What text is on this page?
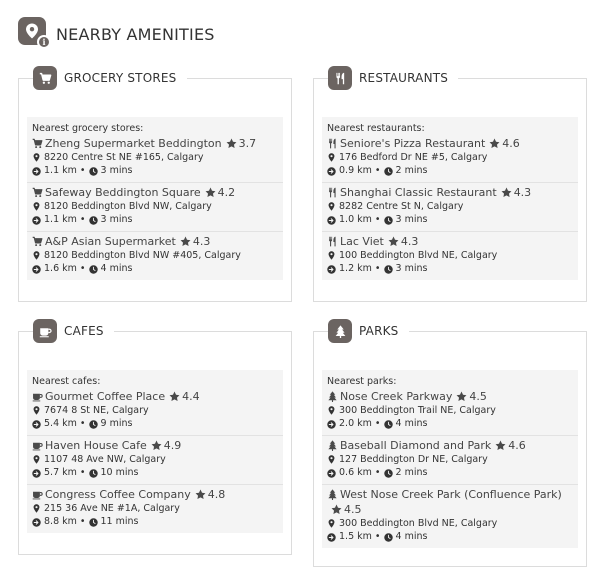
i NEARBY AMENITIES
GROCERY STORES
Nearest grocery stores:
Zheng Supermarket Beddington 3.7
8220 Centre St NE #165, Calgary
1.1 km • 3 mins
Safeway Beddington Square 4.2
8120 Beddington Blvd NW, Calgary
1.1 km • 3 mins
A&P Asian Supermarket 4.3
8120 Beddington Blvd NW #405, Calgary
1.6 km • 4 mins
RESTAURANTS
Nearest restaurants:
Seniore's Pizza Restaurant 4.6
176 Bedford Dr NE #5, Calgary
0.9 km • 2 mins
Shanghai Classic Restaurant 4.3
8282 Centre St N, Calgary
1.0 km • 3 mins
Lac Viet 4.3
100 Beddington Blvd NE, Calgary
1.2 km • 3 mins
CAFES
Nearest cafes:
Gourmet Coffee Place 4.4
7674 8 St NE, Calgary
5.4 km • 9 mins
Haven House Cafe 4.9
1107 48 Ave NW, Calgary
5.7 km • 10 mins
Congress Coffee Company 4.8
215 36 Ave NE #1A, Calgary
8.8 km • 11 mins
PARKS
Nearest parks:
Nose Creek Parkway 4.5
300 Beddington Trail NE, Calgary
2.0 km • 4 mins
Baseball Diamond and Park 4.6
127 Beddington Dr NE, Calgary
0.6 km • 2 mins
West Nose Creek Park (Confluence Park)
4.5
300 Beddington Blvd NE, Calgary
1.5 km • 4 mins
